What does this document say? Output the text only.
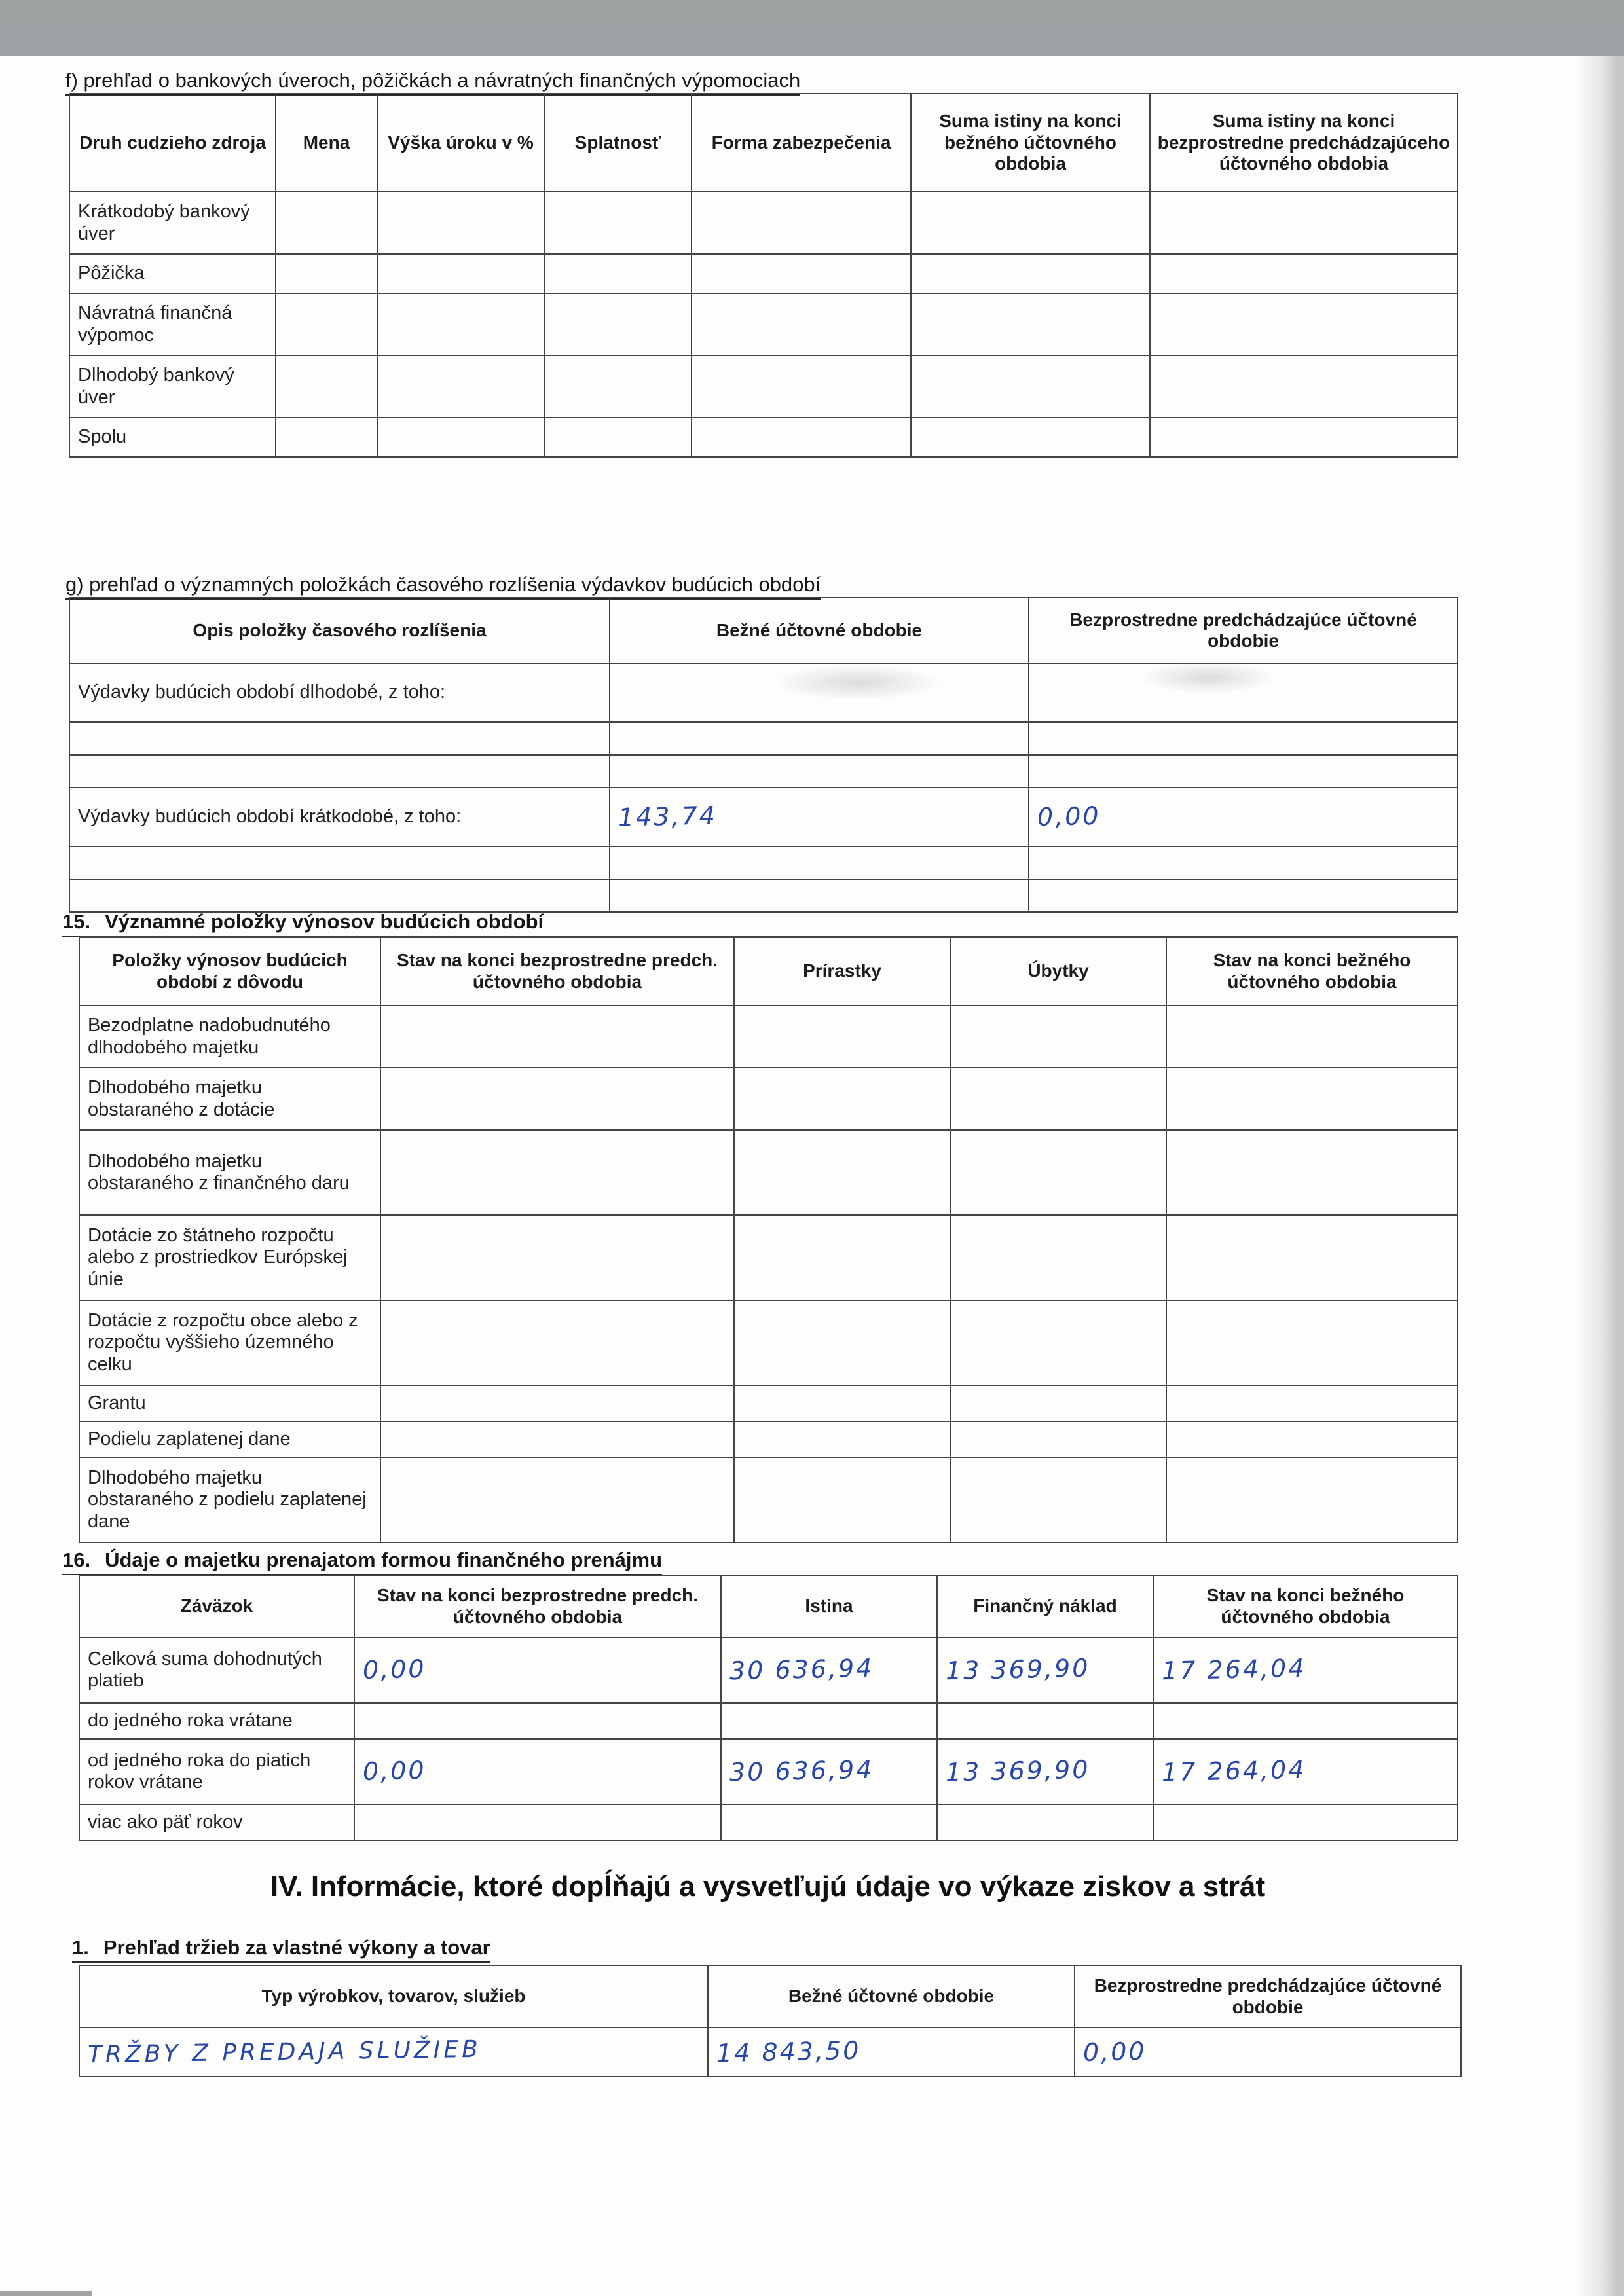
f) prehľad o bankových úveroch, pôžičkách a návratných finančných výpomociach
Druh cudzieho zdroja	Mena	Výška úroku v %	Splatnosť	Forma zabezpečenia	Suma istiny na konci bežného účtovného obdobia	Suma istiny na konci bezprostredne predchádzajúceho účtovného obdobia
Krátkodobý bankový úver						
Pôžička						
Návratná finančná výpomoc						
Dlhodobý bankový úver						
Spolu						
g) prehľad o významných položkách časového rozlíšenia výdavkov budúcich období
Opis položky časového rozlíšenia	Bežné účtovné obdobie	Bezprostredne predchádzajúce účtovné obdobie
Výdavky budúcich období dlhodobé, z toho:		

Výdavky budúcich období krátkodobé, z toho:	143,74	0,00

15. Významné položky výnosov budúcich období
Položky výnosov budúcich období z dôvodu	Stav na konci bezprostredne predch. účtovného obdobia	Prírastky	Úbytky	Stav na konci bežného účtovného obdobia
Bezodplatne nadobudnutého dlhodobého majetku				
Dlhodobého majetku obstaraného z dotácie				
Dlhodobého majetku obstaraného z finančného daru				
Dotácie zo štátneho rozpočtu alebo z prostriedkov Európskej únie				
Dotácie z rozpočtu obce alebo z rozpočtu vyššieho územného celku				
Grantu				
Podielu zaplatenej dane				
Dlhodobého majetku obstaraného z podielu zaplatenej dane				
16. Údaje o majetku prenajatom formou finančného prenájmu
Záväzok	Stav na konci bezprostredne predch. účtovného obdobia	Istina	Finančný náklad	Stav na konci bežného účtovného obdobia
Celková suma dohodnutých platieb	0,00	30 636,94	13 369,90	17 264,04
do jedného roka vrátane				
od jedného roka do piatich rokov vrátane	0,00	30 636,94	13 369,90	17 264,04
viac ako päť rokov				
IV. Informácie, ktoré dopĺňajú a vysvetľujú údaje vo výkaze ziskov a strát
1. Prehľad tržieb za vlastné výkony a tovar
Typ výrobkov, tovarov, služieb	Bežné účtovné obdobie	Bezprostredne predchádzajúce účtovné obdobie
TRŽBY Z PREDAJA SLUŽIEB	14 843,50	0,00
